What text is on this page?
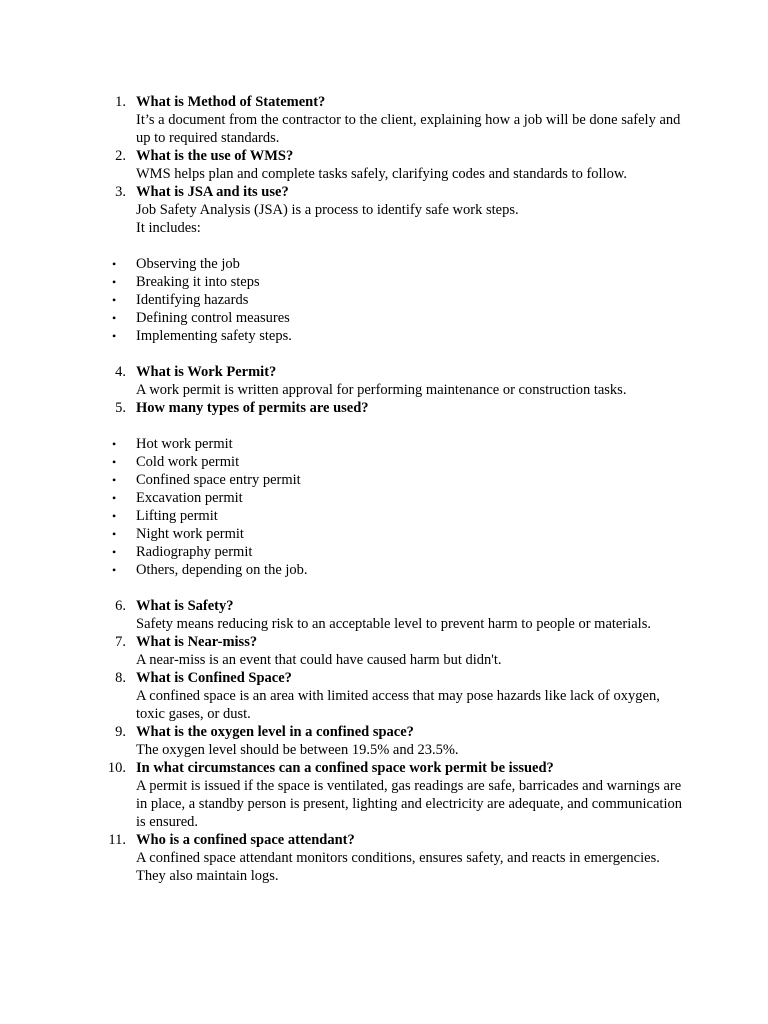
1. What is Method of Statement?
It’s a document from the contractor to the client, explaining how a job will be done safely and up to required standards.
2. What is the use of WMS?
WMS helps plan and complete tasks safely, clarifying codes and standards to follow.
3. What is JSA and its use?
Job Safety Analysis (JSA) is a process to identify safe work steps.
It includes:
• Observing the job
• Breaking it into steps
• Identifying hazards
• Defining control measures
• Implementing safety steps.
4. What is Work Permit?
A work permit is written approval for performing maintenance or construction tasks.
5. How many types of permits are used?
• Hot work permit
• Cold work permit
• Confined space entry permit
• Excavation permit
• Lifting permit
• Night work permit
• Radiography permit
• Others, depending on the job.
6. What is Safety?
Safety means reducing risk to an acceptable level to prevent harm to people or materials.
7. What is Near-miss?
A near-miss is an event that could have caused harm but didn't.
8. What is Confined Space?
A confined space is an area with limited access that may pose hazards like lack of oxygen, toxic gases, or dust.
9. What is the oxygen level in a confined space?
The oxygen level should be between 19.5% and 23.5%.
10. In what circumstances can a confined space work permit be issued?
A permit is issued if the space is ventilated, gas readings are safe, barricades and warnings are in place, a standby person is present, lighting and electricity are adequate, and communication is ensured.
11. Who is a confined space attendant?
A confined space attendant monitors conditions, ensures safety, and reacts in emergencies. They also maintain logs.
